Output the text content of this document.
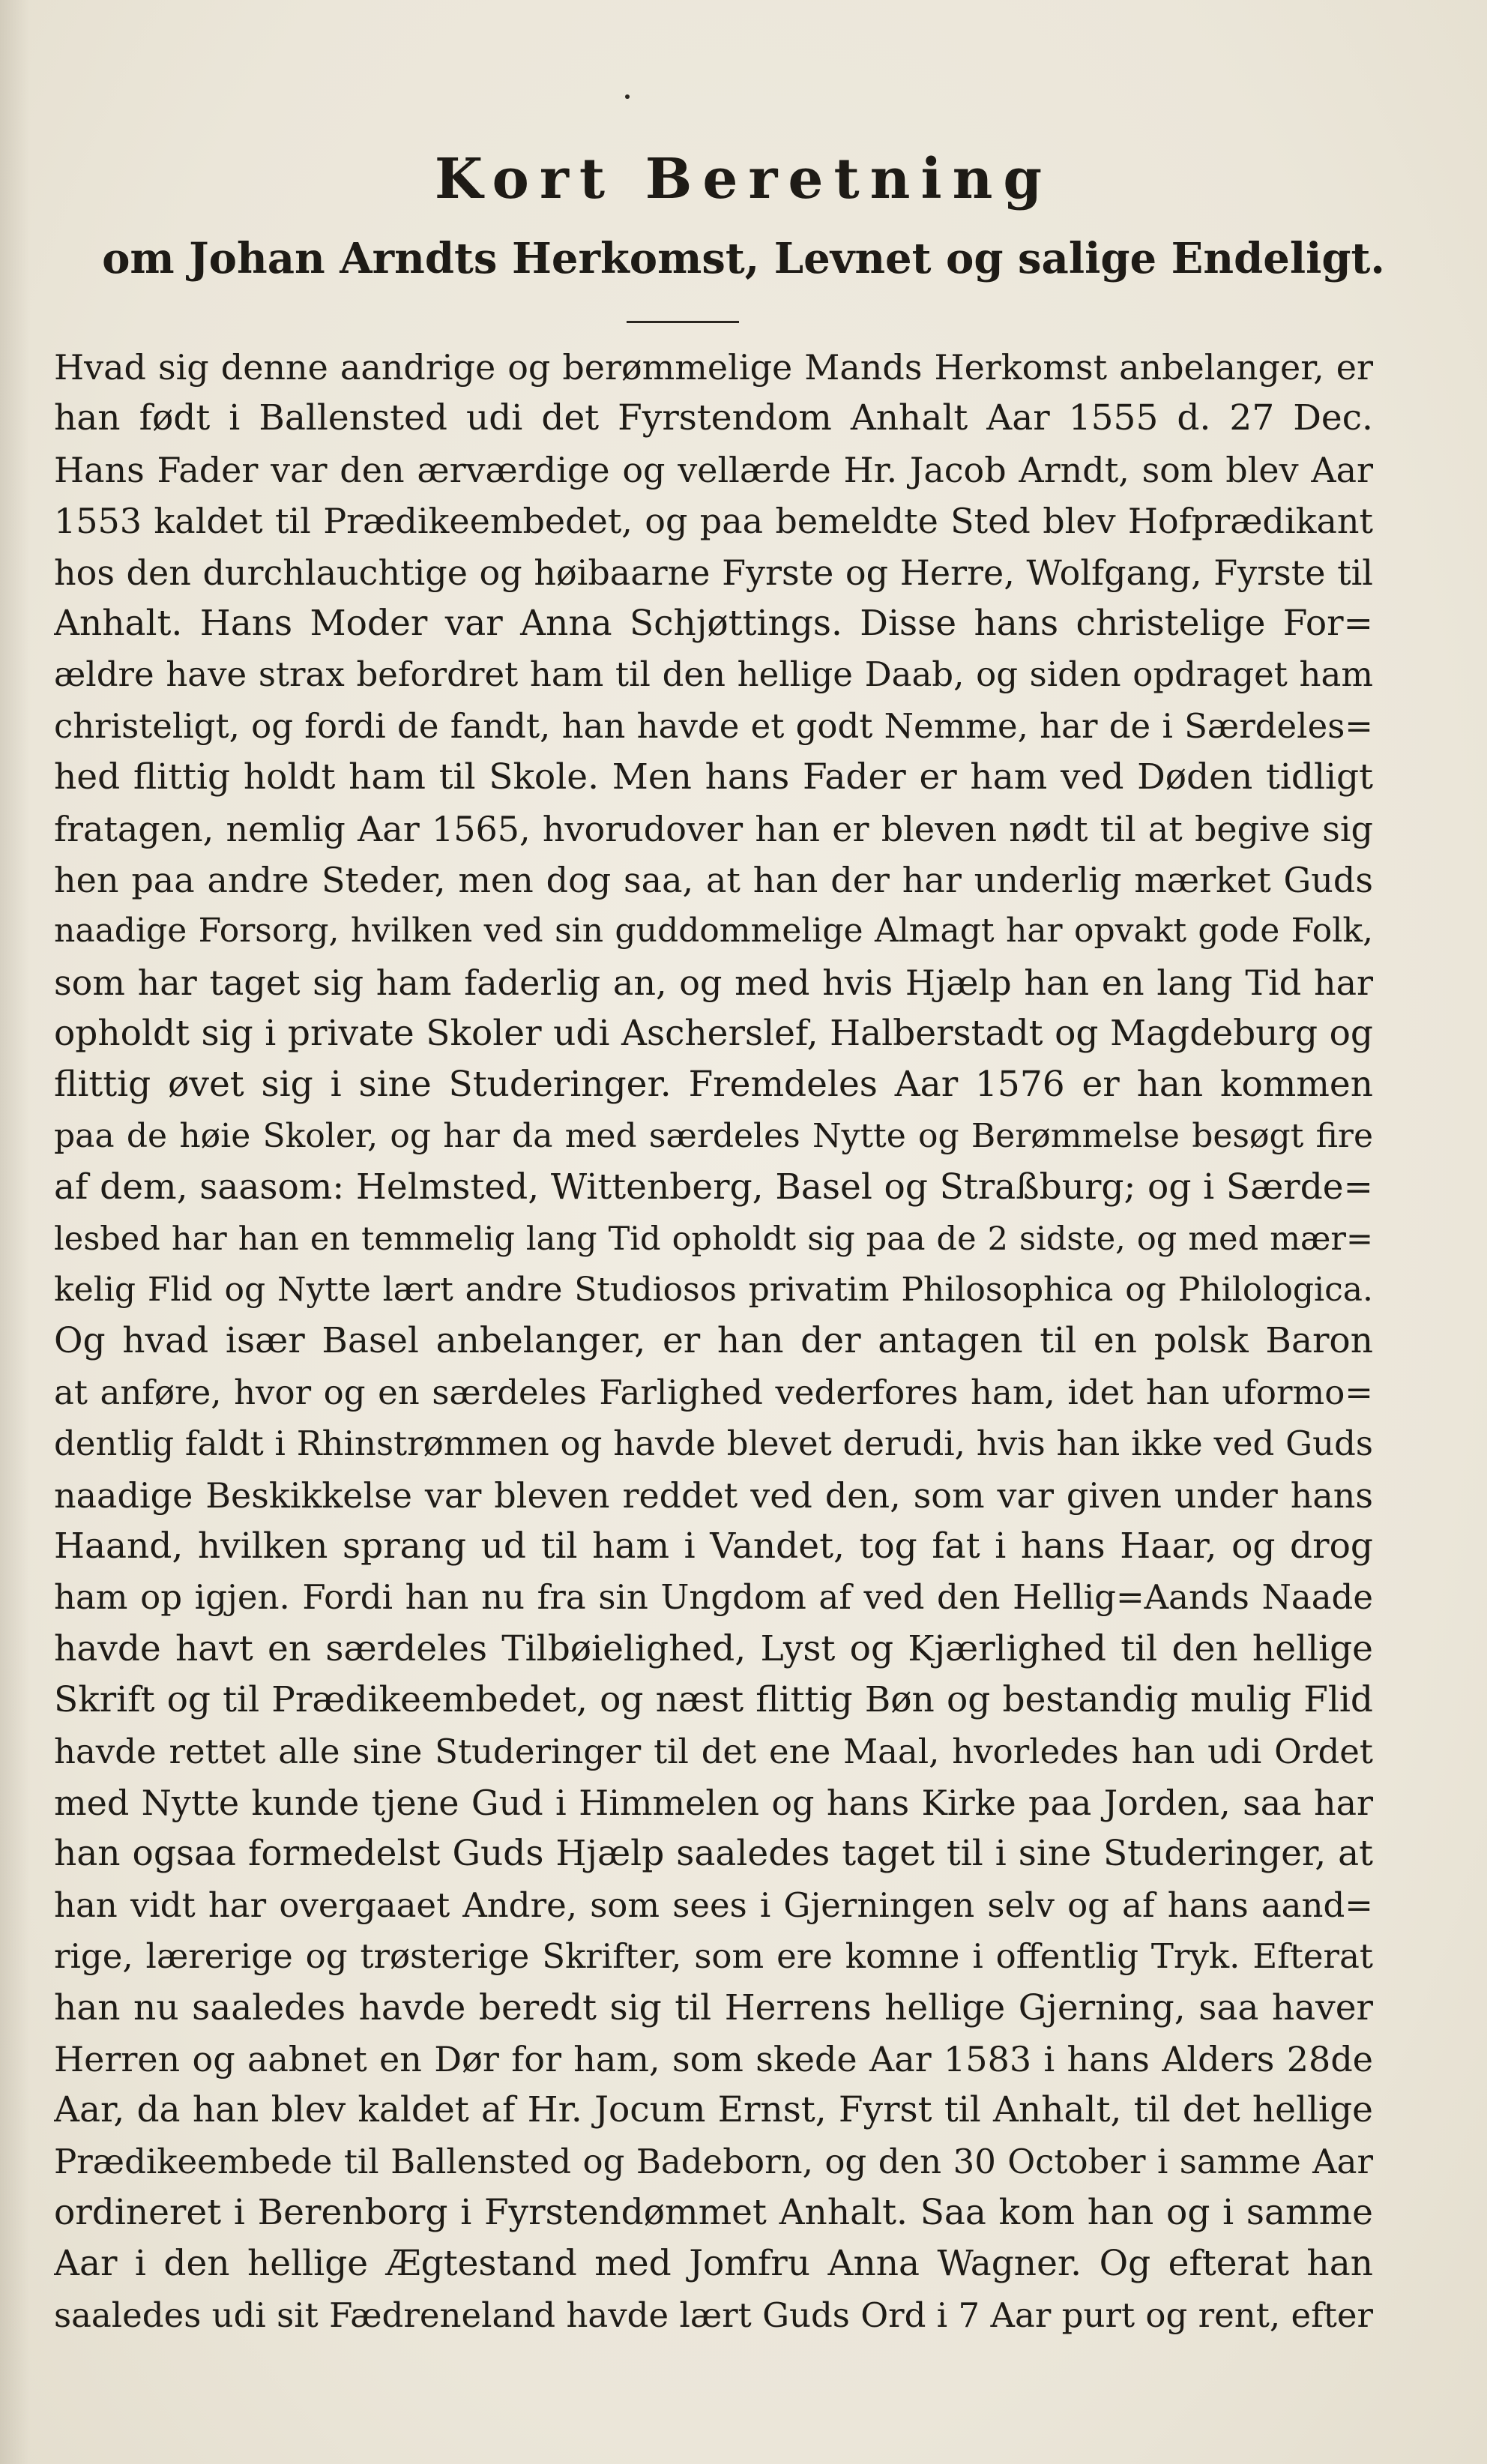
Kort Beretning
om Johan Arndts Herkomst, Levnet og salige Endeligt.
Hvad sig denne aandrige og berømmelige Mands Herkomst anbelanger, er
han født i Ballensted udi det Fyrstendom Anhalt Aar 1555 d. 27 Dec.
Hans Fader var den ærværdige og vellærde Hr. Jacob Arndt, som blev Aar
1553 kaldet til Prædikeembedet, og paa bemeldte Sted blev Hofprædikant
hos den durchlauchtige og høibaarne Fyrste og Herre, Wolfgang, Fyrste til
Anhalt. Hans Moder var Anna Schjøttings. Disse hans christelige For=
ældre have strax befordret ham til den hellige Daab, og siden opdraget ham
christeligt, og fordi de fandt, han havde et godt Nemme, har de i Særdeles=
hed flittig holdt ham til Skole. Men hans Fader er ham ved Døden tidligt
fratagen, nemlig Aar 1565, hvorudover han er bleven nødt til at begive sig
hen paa andre Steder, men dog saa, at han der har underlig mærket Guds
naadige Forsorg, hvilken ved sin guddommelige Almagt har opvakt gode Folk,
som har taget sig ham faderlig an, og med hvis Hjælp han en lang Tid har
opholdt sig i private Skoler udi Ascherslef, Halberstadt og Magdeburg og
flittig øvet sig i sine Studeringer. Fremdeles Aar 1576 er han kommen
paa de høie Skoler, og har da med særdeles Nytte og Berømmelse besøgt fire
af dem, saasom: Helmsted, Wittenberg, Basel og Straßburg; og i Særde=
lesbed har han en temmelig lang Tid opholdt sig paa de 2 sidste, og med mær=
kelig Flid og Nytte lært andre Studiosos privatim Philosophica og Philologica.
Og hvad især Basel anbelanger, er han der antagen til en polsk Baron
at anføre, hvor og en særdeles Farlighed vederfores ham, idet han uformo=
dentlig faldt i Rhinstrømmen og havde blevet derudi, hvis han ikke ved Guds
naadige Beskikkelse var bleven reddet ved den, som var given under hans
Haand, hvilken sprang ud til ham i Vandet, tog fat i hans Haar, og drog
ham op igjen. Fordi han nu fra sin Ungdom af ved den Hellig=Aands Naade
havde havt en særdeles Tilbøielighed, Lyst og Kjærlighed til den hellige
Skrift og til Prædikeembedet, og næst flittig Bøn og bestandig mulig Flid
havde rettet alle sine Studeringer til det ene Maal, hvorledes han udi Ordet
med Nytte kunde tjene Gud i Himmelen og hans Kirke paa Jorden, saa har
han ogsaa formedelst Guds Hjælp saaledes taget til i sine Studeringer, at
han vidt har overgaaet Andre, som sees i Gjerningen selv og af hans aand=
rige, lærerige og trøsterige Skrifter, som ere komne i offentlig Tryk. Efterat
han nu saaledes havde beredt sig til Herrens hellige Gjerning, saa haver
Herren og aabnet en Dør for ham, som skede Aar 1583 i hans Alders 28de
Aar, da han blev kaldet af Hr. Jocum Ernst, Fyrst til Anhalt, til det hellige
Prædikeembede til Ballensted og Badeborn, og den 30 October i samme Aar
ordineret i Berenborg i Fyrstendømmet Anhalt. Saa kom han og i samme
Aar i den hellige Ægtestand med Jomfru Anna Wagner. Og efterat han
saaledes udi sit Fædreneland havde lært Guds Ord i 7 Aar purt og rent, efter
